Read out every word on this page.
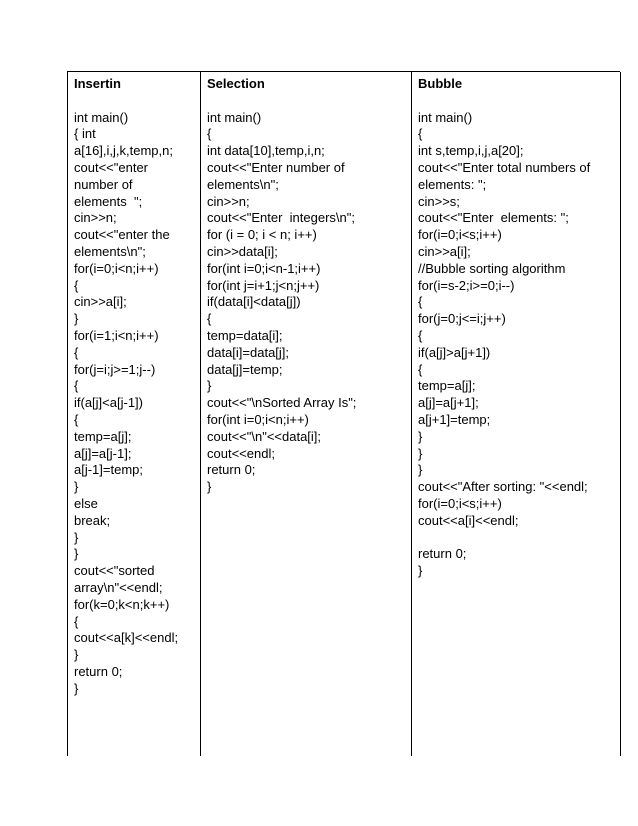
Insertin
int main()
{ int
a[16],i,j,k,temp,n;
cout<<"enter
number of
elements  ";
cin>>n;
cout<<"enter the
elements\n";
for(i=0;i<n;i++)
{
cin>>a[i];
}
for(i=1;i<n;i++)
{
for(j=i;j>=1;j--)
{
if(a[j]<a[j-1])
{
temp=a[j];
a[j]=a[j-1];
a[j-1]=temp;
}
else
break;
}
}
cout<<"sorted
array\n"<<endl;
for(k=0;k<n;k++)
{
cout<<a[k]<<endl;
}
return 0;
}
Selection
int main()
{
int data[10],temp,i,n;
cout<<"Enter number of
elements\n";
cin>>n;
cout<<"Enter  integers\n";
for (i = 0; i < n; i++)
cin>>data[i];
for(int i=0;i<n-1;i++)
for(int j=i+1;j<n;j++)
if(data[i]<data[j])
{
temp=data[i];
data[i]=data[j];
data[j]=temp;
}
cout<<"\nSorted Array Is";
for(int i=0;i<n;i++)
cout<<"\n"<<data[i];
cout<<endl;
return 0;
}
Bubble
int main()
{
int s,temp,i,j,a[20];
cout<<"Enter total numbers of
elements: ";
cin>>s;
cout<<"Enter  elements: ";
for(i=0;i<s;i++)
cin>>a[i];
//Bubble sorting algorithm
for(i=s-2;i>=0;i--)
{
for(j=0;j<=i;j++)
{
if(a[j]>a[j+1])
{
temp=a[j];
a[j]=a[j+1];
a[j+1]=temp;
}
}
}
cout<<"After sorting: "<<endl;
for(i=0;i<s;i++)
cout<<a[i]<<endl;

return 0;
}
